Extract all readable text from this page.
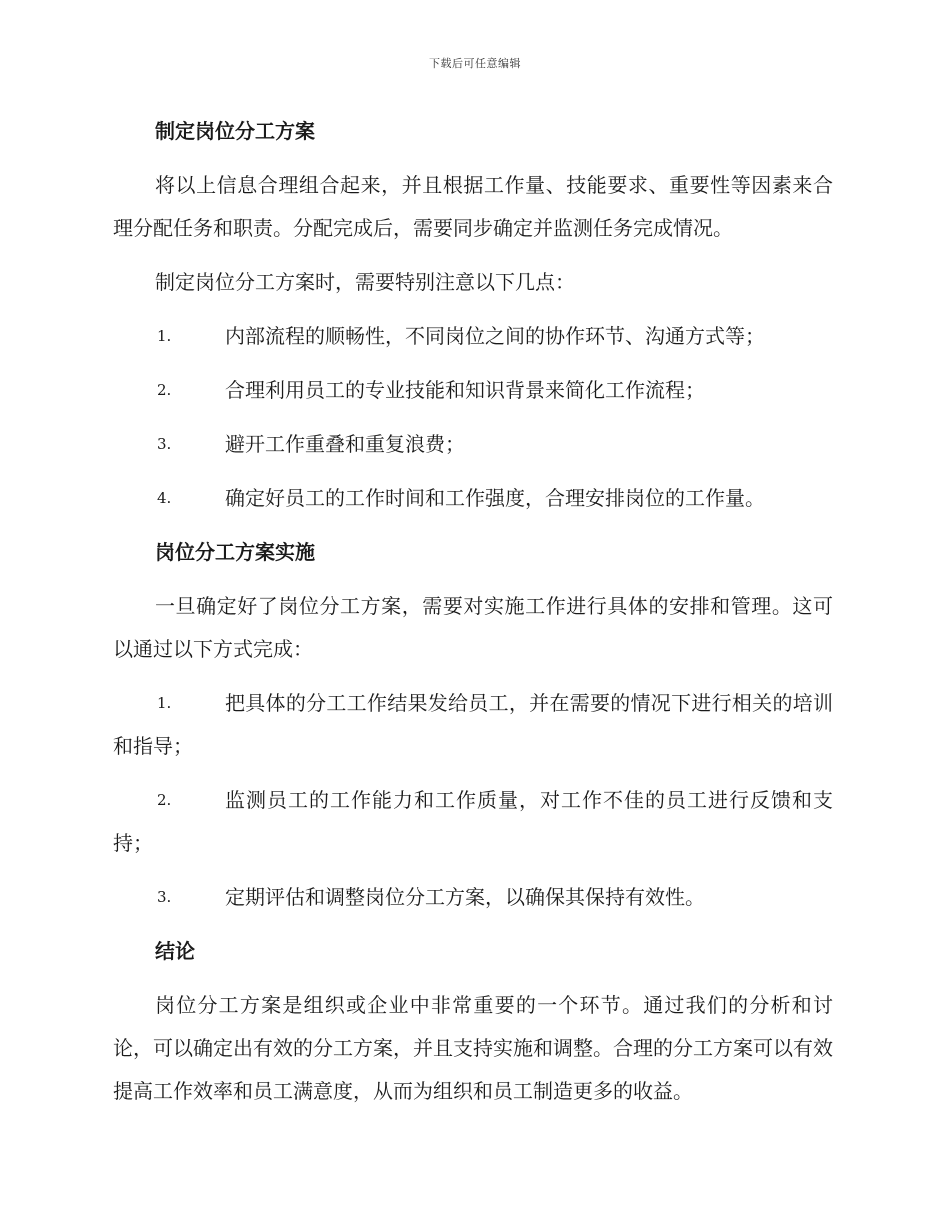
下载后可任意编辑
制定岗位分工方案

将以上信息合理组合起来，并且根据工作量、技能要求、重要性等因素来合理分配任务和职责。分配完成后，需要同步确定并监测任务完成情况。

制定岗位分工方案时，需要特别注意以下几点：

1.	内部流程的顺畅性，不同岗位之间的协作环节、沟通方式等；

2.	合理利用员工的专业技能和知识背景来简化工作流程；

3.	避开工作重叠和重复浪费；

4.	确定好员工的工作时间和工作强度，合理安排岗位的工作量。

岗位分工方案实施

一旦确定好了岗位分工方案，需要对实施工作进行具体的安排和管理。这可以通过以下方式完成：

1.	把具体的分工工作结果发给员工，并在需要的情况下进行相关的培训和指导；

2.	监测员工的工作能力和工作质量，对工作不佳的员工进行反馈和支持；

3.	定期评估和调整岗位分工方案，以确保其保持有效性。

结论

岗位分工方案是组织或企业中非常重要的一个环节。通过我们的分析和讨论，可以确定出有效的分工方案，并且支持实施和调整。合理的分工方案可以有效提高工作效率和员工满意度，从而为组织和员工制造更多的收益。
